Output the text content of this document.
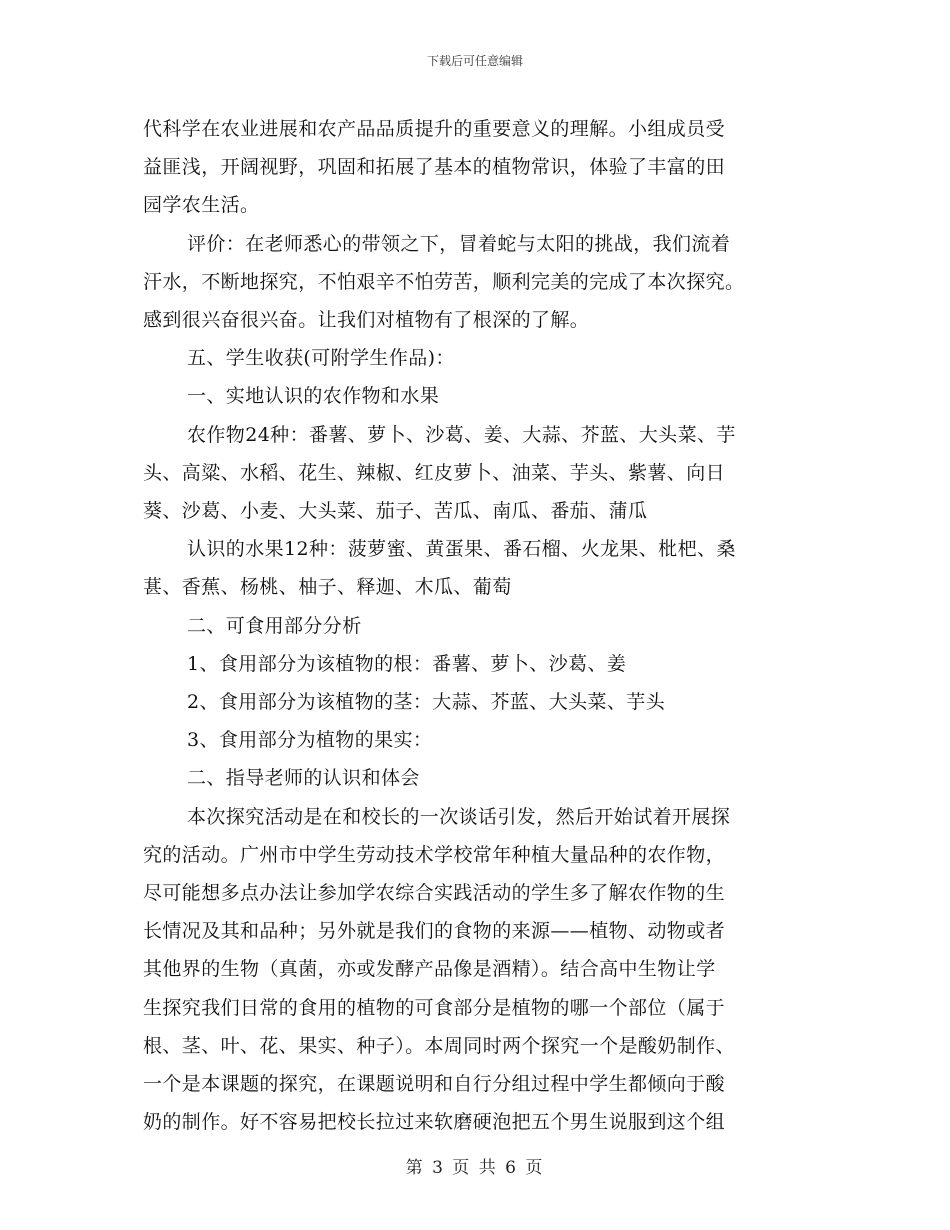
下载后可任意编辑

代科学在农业进展和农产品品质提升的重要意义的理解。小组成员受

益匪浅，开阔视野，巩固和拓展了基本的植物常识，体验了丰富的田

园学农生活。

评价：在老师悉心的带领之下，冒着蛇与太阳的挑战，我们流着

汗水，不断地探究，不怕艰辛不怕劳苦，顺利完美的完成了本次探究。

感到很兴奋很兴奋。让我们对植物有了根深的了解。

五、学生收获(可附学生作品)：

一、实地认识的农作物和水果

农作物24种：番薯、萝卜、沙葛、姜、大蒜、芥蓝、大头菜、芋

头、高粱、水稻、花生、辣椒、红皮萝卜、油菜、芋头、紫薯、向日

葵、沙葛、小麦、大头菜、茄子、苦瓜、南瓜、番茄、蒲瓜

认识的水果12种：菠萝蜜、黄蛋果、番石榴、火龙果、枇杷、桑

葚、香蕉、杨桃、柚子、释迦、木瓜、葡萄

二、可食用部分分析

1、食用部分为该植物的根：番薯、萝卜、沙葛、姜

2、食用部分为该植物的茎：大蒜、芥蓝、大头菜、芋头

3、食用部分为植物的果实：

二、指导老师的认识和体会

本次探究活动是在和校长的一次谈话引发，然后开始试着开展探

究的活动。广州市中学生劳动技术学校常年种植大量品种的农作物，

尽可能想多点办法让参加学农综合实践活动的学生多了解农作物的生

长情况及其和品种；另外就是我们的食物的来源——植物、动物或者

其他界的生物（真菌，亦或发酵产品像是酒精）。结合高中生物让学

生探究我们日常的食用的植物的可食部分是植物的哪一个部位（属于

根、茎、叶、花、果实、种子）。本周同时两个探究一个是酸奶制作、

一个是本课题的探究，在课题说明和自行分组过程中学生都倾向于酸

奶的制作。好不容易把校长拉过来软磨硬泡把五个男生说服到这个组

第 3 页 共 6 页
